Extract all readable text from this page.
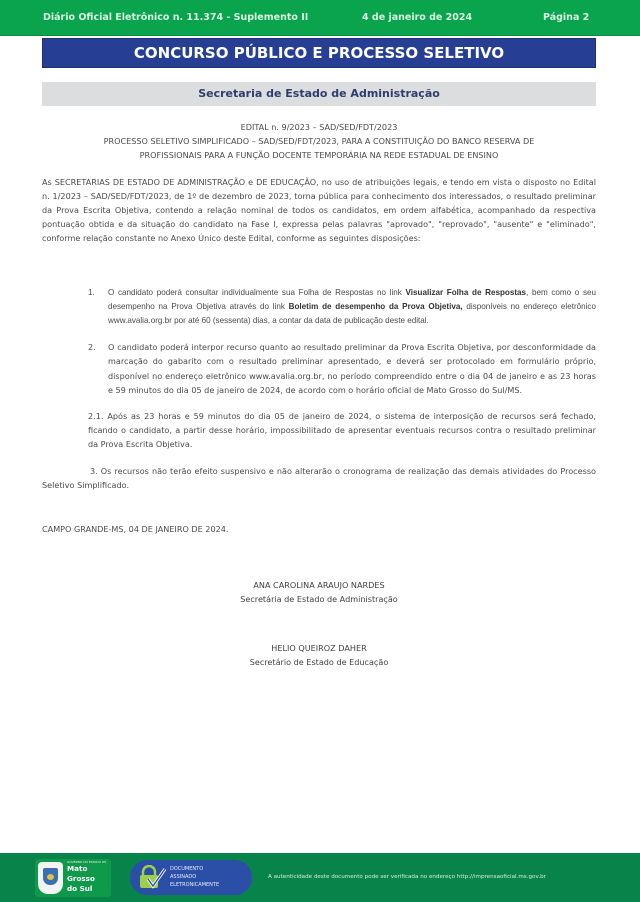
Diário Oficial Eletrônico n. 11.374 - Suplemento II	4 de janeiro de 2024	Página 2
CONCURSO PÚBLICO E PROCESSO SELETIVO
Secretaria de Estado de Administração
EDITAL n. 9/2023 – SAD/SED/FDT/2023
PROCESSO SELETIVO SIMPLIFICADO – SAD/SED/FDT/2023, PARA A CONSTITUIÇÃO DO BANCO RESERVA DE
PROFISSIONAIS PARA A FUNÇÃO DOCENTE TEMPORÁRIA NA REDE ESTADUAL DE ENSINO
As SECRETARIAS DE ESTADO DE ADMINISTRAÇÃO e DE EDUCAÇÃO, no uso de atribuições legais, e tendo em vista o disposto no Edital n. 1/2023 – SAD/SED/FDT/2023, de 1º de dezembro de 2023, torna pública para conhecimento dos interessados, o resultado preliminar da Prova Escrita Objetiva, contendo a relação nominal de todos os candidatos, em ordem alfabética, acompanhado da respectiva pontuação obtida e da situação do candidato na Fase I, expressa pelas palavras "aprovado", "reprovado", "ausente" e "eliminado", conforme relação constante no Anexo Único deste Edital, conforme as seguintes disposições:
1.	O candidato poderá consultar individualmente sua Folha de Respostas no link Visualizar Folha de Respostas, bem como o seu desempenho na Prova Objetiva através do link Boletim de desempenho da Prova Objetiva, disponíveis no endereço eletrônico www.avalia.org.br por até 60 (sessenta) dias, a contar da data de publicação deste edital.
2.	O candidato poderá interpor recurso quanto ao resultado preliminar da Prova Escrita Objetiva, por desconformidade da marcação do gabarito com o resultado preliminar apresentado, e deverá ser protocolado em formulário próprio, disponível no endereço eletrônico www.avalia.org.br, no período compreendido entre o dia 04 de janeiro e as 23 horas e 59 minutos do dia 05 de janeiro de 2024, de acordo com o horário oficial de Mato Grosso do Sul/MS.
2.1. Após as 23 horas e 59 minutos do dia 05 de janeiro de 2024, o sistema de interposição de recursos será fechado, ficando o candidato, a partir desse horário, impossibilitado de apresentar eventuais recursos contra o resultado preliminar da Prova Escrita Objetiva.
3. Os recursos não terão efeito suspensivo e não alterarão o cronograma de realização das demais atividades do Processo Seletivo Simplificado.
CAMPO GRANDE-MS, 04 DE JANEIRO DE 2024.
ANA CAROLINA ARAUJO NARDES
Secretária de Estado de Administração
HELIO QUEIROZ DAHER
Secretário de Estado de Educação
GOVERNO DO ESTADO DE
Mato
Grosso
do Sul
DOCUMENTO
ASSINADO
ELETRONICAMENTE
A autenticidade deste documento pode ser verificada no endereço http://imprensaoficial.ms.gov.br
